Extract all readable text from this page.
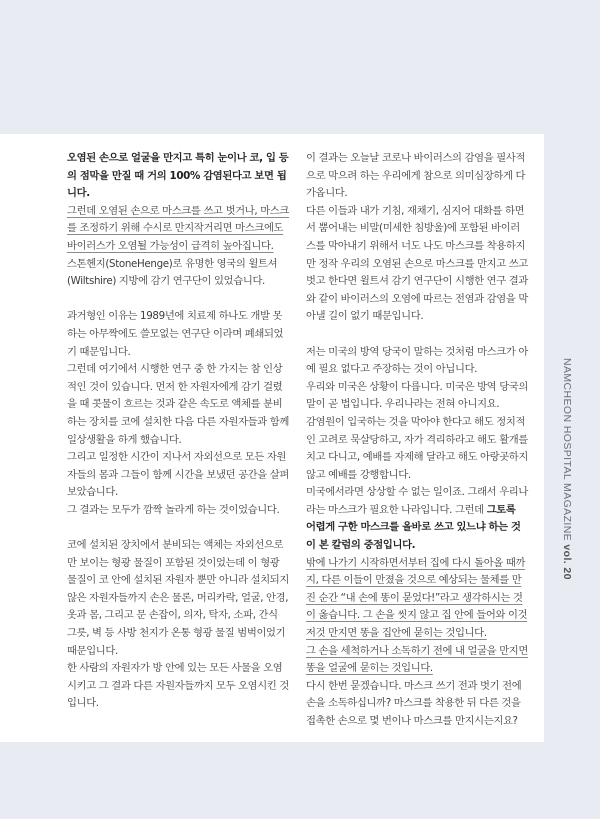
오염된 손으로 얼굴을 만지고 특히 눈이나 코, 입 등의 점막을 만질 때 거의 100% 감염된다고 보면 됩니다.

그런데 오염된 손으로 마스크를 쓰고 벗거나, 마스크를 조정하기 위해 수시로 만지작거리면 마스크에도 바이러스가 오염될 가능성이 급격히 높아집니다.

스톤헨지(StoneHenge)로 유명한 영국의 윌트셔(Wiltshire) 지방에 감기 연구단이 있었습니다.

과거형인 이유는 1989년에 치료제 하나도 개발 못하는 아무짝에도 쓸모없는 연구단 이라며 폐쇄되었기 때문입니다.

그런데 여기에서 시행한 연구 중 한 가지는 참 인상적인 것이 있습니다. 먼저 한 자원자에게 감기 걸렸을 때 콧물이 흐르는 것과 같은 속도로 액체를 분비하는 장치를 코에 설치한 다음 다른 자원자들과 함께 일상생활을 하게 했습니다.

그리고 일정한 시간이 지나서 자외선으로 모든 자원자들의 몸과 그들이 함께 시간을 보냈던 공간을 살펴보았습니다.

그 결과는 모두가 깜짝 놀라게 하는 것이었습니다.

코에 설치된 장치에서 분비되는 액체는 자외선으로만 보이는 형광 물질이 포함된 것이었는데 이 형광 물질이 코 안에 설치된 자원자 뿐만 아니라 설치되지 않은 자원자들까지 손은 물론, 머리카락, 얼굴, 안경, 옷과 몸, 그리고 문 손잡이, 의자, 탁자, 소파, 간식 그릇, 벽 등 사방 천지가 온통 형광 물질 범벅이었기 때문입니다.

한 사람의 자원자가 방 안에 있는 모든 사물을 오염시키고 그 결과 다른 자원자들까지 모두 오염시킨 것입니다.

이 결과는 오늘날 코로나 바이러스의 감염을 필사적으로 막으려 하는 우리에게 참으로 의미심장하게 다가옵니다.

다른 이들과 내가 기침, 재채기, 심지어 대화를 하면서 뿜어내는 비말(미세한 침방울)에 포함된 바이러스를 막아내기 위해서 너도 나도 마스크를 착용하지만 정작 우리의 오염된 손으로 마스크를 만지고 쓰고 벗고 한다면 윌트셔 감기 연구단이 시행한 연구 결과와 같이 바이러스의 오염에 따르는 전염과 감염을 막아낼 길이 없기 때문입니다.

저는 미국의 방역 당국이 말하는 것처럼 마스크가 아예 필요 없다고 주장하는 것이 아닙니다.

우리와 미국은 상황이 다릅니다. 미국은 방역 당국의 말이 곧 법입니다. 우리나라는 전혀 아니지요.

감염원이 입국하는 것을 막아야 한다고 해도 정치적인 고려로 묵살당하고, 자가 격리하라고 해도 활개를 치고 다니고, 예배를 자제해 달라고 해도 아랑곳하지 않고 예배를 강행합니다.

미국에서라면 상상할 수 없는 일이죠. 그래서 우리나라는 마스크가 필요한 나라입니다. 그런데 그토록 어렵게 구한 마스크를 올바로 쓰고 있느냐 하는 것이 본 칼럼의 중점입니다.

밖에 나가기 시작하면서부터 집에 다시 돌아올 때까지, 다른 이들이 만졌을 것으로 예상되는 물체를 만진 순간 “내 손에 똥이 묻었다!”라고 생각하시는 것이 옳습니다. 그 손을 씻지 않고 집 안에 들어와 이것저것 만지면 똥을 집안에 묻히는 것입니다.

그 손을 세척하거나 소독하기 전에 내 얼굴을 만지면 똥을 얼굴에 묻히는 것입니다.

다시 한번 묻겠습니다. 마스크 쓰기 전과 벗기 전에 손을 소독하십니까? 마스크를 착용한 뒤 다른 것을 접촉한 손으로 몇 번이나 마스크를 만지시는지요?

NAMCHEON HOSPITAL MAGAZINE vol. 20
